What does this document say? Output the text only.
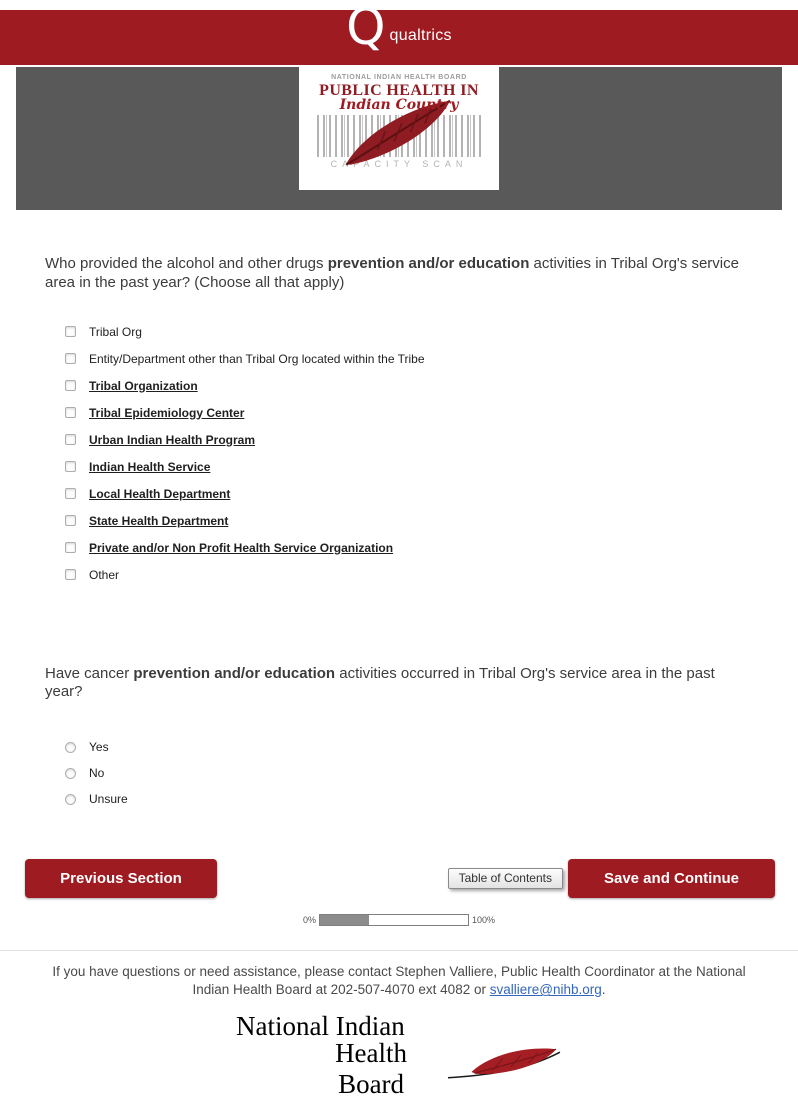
Q qualtrics
NATIONAL INDIAN HEALTH BOARD
PUBLIC HEALTH IN
Indian Country
CAPACITY SCAN
Who provided the alcohol and other drugs prevention and/or education activities in Tribal Org's service area in the past year? (Choose all that apply)
Tribal Org
Entity/Department other than Tribal Org located within the Tribe
Tribal Organization
Tribal Epidemiology Center
Urban Indian Health Program
Indian Health Service
Local Health Department
State Health Department
Private and/or Non Profit Health Service Organization
Other
Have cancer prevention and/or education activities occurred in Tribal Org's service area in the past year?
Yes
No
Unsure
Previous Section	Table of Contents	Save and Continue
0%	100%
If you have questions or need assistance, please contact Stephen Valliere, Public Health Coordinator at the National Indian Health Board at 202-507-4070 ext 4082 or svalliere@nihb.org.
National Indian
Health Board
